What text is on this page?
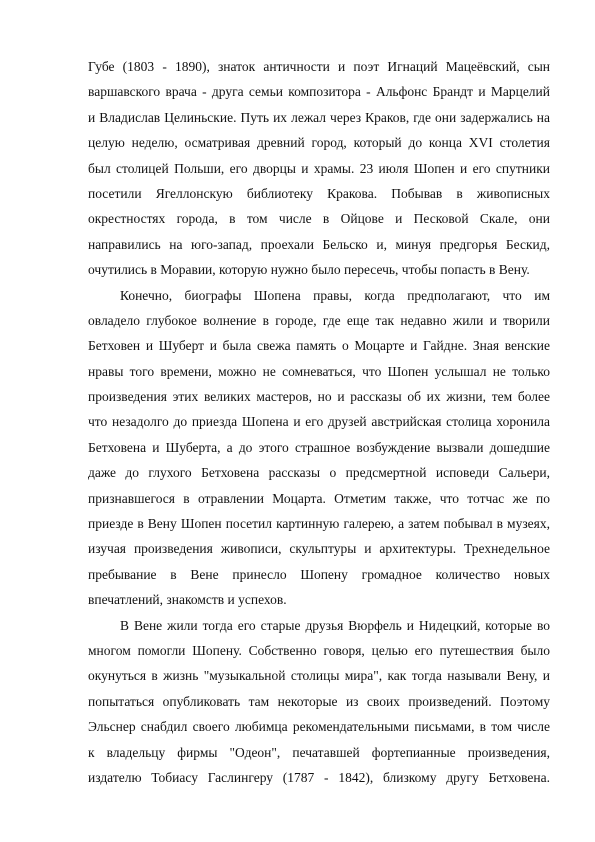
Губе (1803 - 1890), знаток античности и поэт Игнаций Мацеёвский, сын
варшавского врача - друга семьи композитора - Альфонс Брандт и Марцелий
и Владислав Целиньские. Путь их лежал через Краков, где они задержались на
целую неделю, осматривая древний город, который до конца XVI столетия
был столицей Польши, его дворцы и храмы. 23 июля Шопен и его спутники
посетили Ягеллонскую библиотеку Кракова. Побывав в живописных
окрестностях города, в том числе в Ойцове и Песковой Скале, они
направились на юго-запад, проехали Бельско и, минуя предгорья Бескид,
очутились в Моравии, которую нужно было пересечь, чтобы попасть в Вену.
Конечно, биографы Шопена правы, когда предполагают, что им
овладело глубокое волнение в городе, где еще так недавно жили и творили
Бетховен и Шуберт и была свежа память о Моцарте и Гайдне. Зная венские
нравы того времени, можно не сомневаться, что Шопен услышал не только
произведения этих великих мастеров, но и рассказы об их жизни, тем более
что незадолго до приезда Шопена и его друзей австрийская столица хоронила
Бетховена и Шуберта, а до этого страшное возбуждение вызвали дошедшие
даже до глухого Бетховена рассказы о предсмертной исповеди Сальери,
признавшегося в отравлении Моцарта. Отметим также, что тотчас же по
приезде в Вену Шопен посетил картинную галерею, а затем побывал в музеях,
изучая произведения живописи, скульптуры и архитектуры. Трехнедельное
пребывание в Вене принесло Шопену громадное количество новых
впечатлений, знакомств и успехов.
В Вене жили тогда его старые друзья Вюрфель и Нидецкий, которые во
многом помогли Шопену. Собственно говоря, целью его путешествия было
окунуться в жизнь "музыкальной столицы мира", как тогда называли Вену, и
попытаться опубликовать там некоторые из своих произведений. Поэтому
Эльснер снабдил своего любимца рекомендательными письмами, в том числе
к владельцу фирмы "Одеон", печатавшей фортепианные произведения,
издателю Тобиасу Гаслингеру (1787 - 1842), близкому другу Бетховена.
